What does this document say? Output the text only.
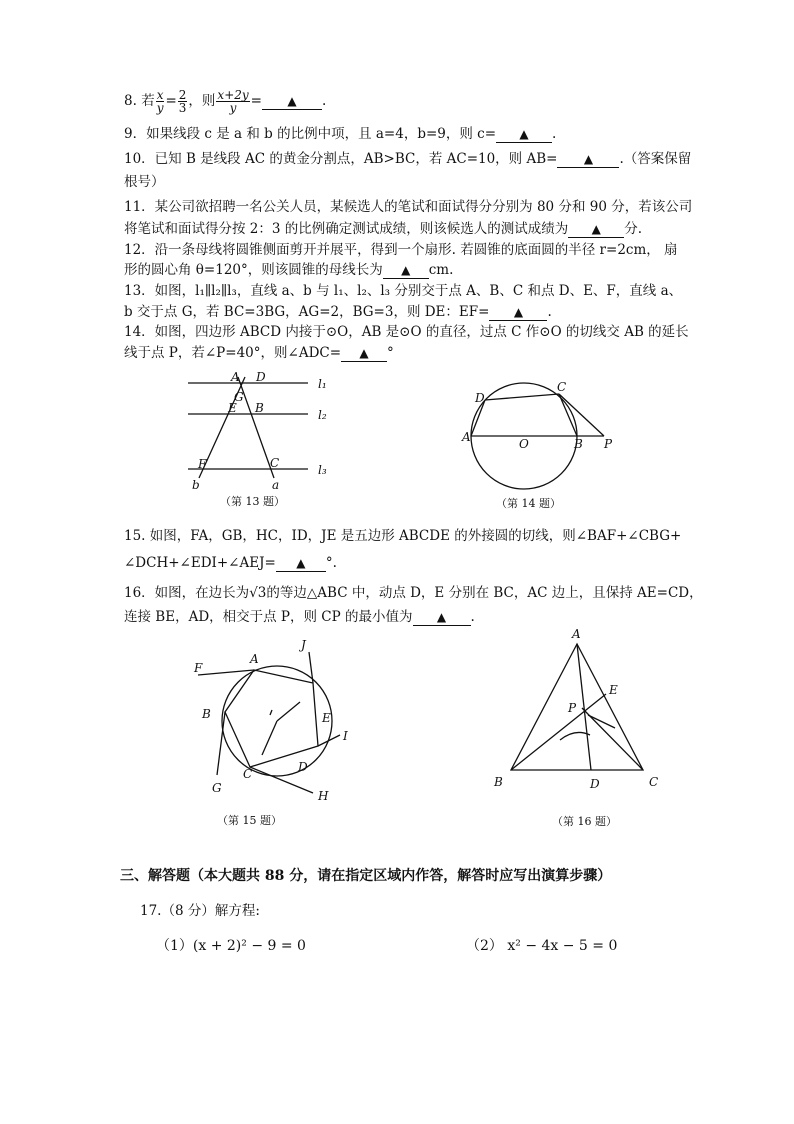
8. 若 $\frac{x}{y} = \frac{2}{3}$ ，则 $\frac{x+2y}{y}$ = ▲ .
9．如果线段 c 是 a 和 b 的比例中项，且 a=4，b=9，则 c= ▲ .
10．已知 B 是线段 AC 的黄金分割点，AB>BC，若 AC=10，则 AB= ▲ .（答案保留
根号）
11．某公司欲招聘一名公关人员，某候选人的笔试和面试得分分别为 80 分和 90 分，若该公司
将笔试和面试得分按 2：3 的比例确定测试成绩，则该候选人的测试成绩为 ▲ 分.
12．沿一条母线将圆锥侧面剪开并展平，得到一个扇形. 若圆锥的底面圆的半径 r=2cm， 扇
形的圆心角 θ=120°，则该圆锥的母线长为 ▲ cm.
13．如图，l₁∥l₂∥l₃，直线 a、b 与 l₁、l₂、l₃ 分别交于点 A、B、C 和点 D、E、F，直线 a、
b 交于点 G，若 BC=3BG，AG=2，BG=3，则 DE：EF= ▲ .
14．如图，四边形 ABCD 内接于⊙O，AB 是⊙O 的直径，过点 C 作⊙O 的切线交 AB 的延长
线于点 P，若∠P=40°，则∠ADC= ▲ °
A D
G
E B
F	C
b	a
l₁
l₂
l₃
（第 13 题）
D
C
A	O	B P
（第 14 题）
15. 如图，FA，GB，HC，ID，JE 是五边形 ABCDE 的外接圆的切线，则∠BAF+∠CBG+
∠DCH+∠EDI+∠AEJ= ▲ °.
16．如图，在边长为√3的等边△ABC 中，动点 D，E 分别在 BC，AC 边上，且保持 AE=CD，
连接 BE，AD，相交于点 P，则 CP 的最小值为 ▲ .
F
A
J
B	E
I
C	D
G
H
（第 15 题）
A
E
P
B	D	C
（第 16 题）
三、解答题（本大题共 88 分，请在指定区域内作答，解答时应写出演算步骤）
17.（8 分）解方程:
（1）(x + 2)² − 9 = 0	（2） x² − 4x − 5 = 0
